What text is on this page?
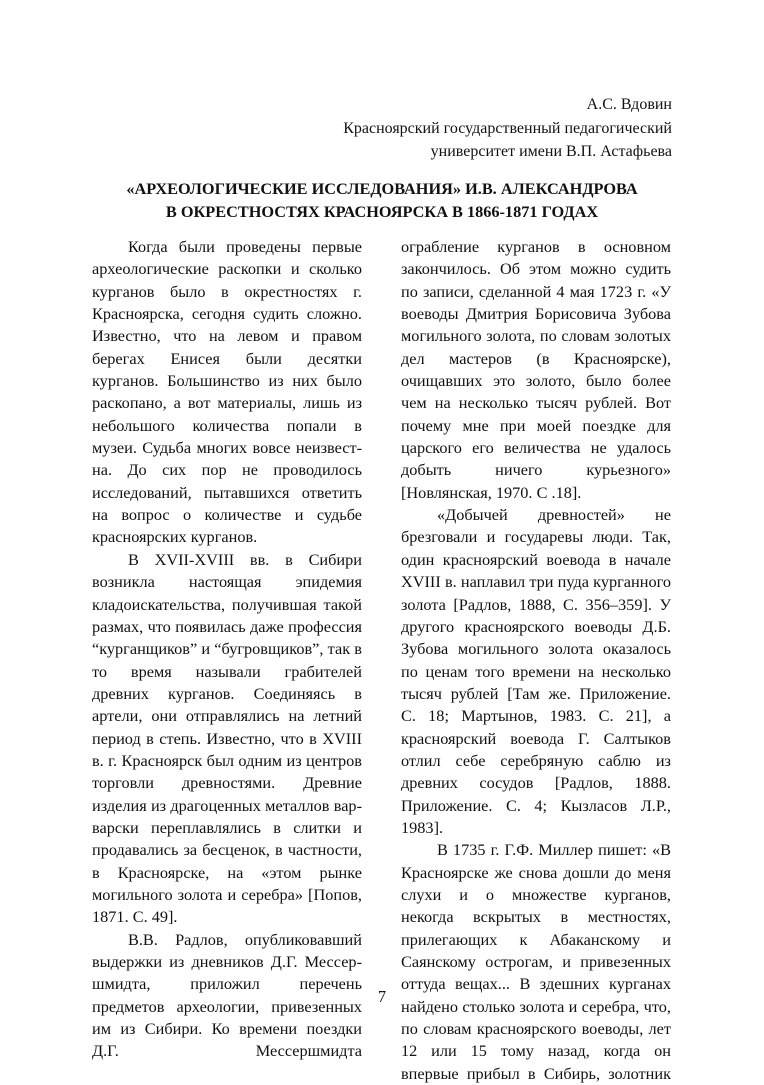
А.С. Вдовин
Красноярский государственный педагогический
университет имени В.П. Астафьева
«АРХЕОЛОГИЧЕСКИЕ ИССЛЕДОВАНИЯ» И.В. АЛЕКСАНДРОВА
В ОКРЕСТНОСТЯХ КРАСНОЯРСКА В 1866-1871 ГОДАХ

Когда были проведены первые археологические раскопки и сколько курганов было в окрестностях г. Красноярска, сегодня судить сложно. Известно, что на левом и правом берегах Енисея были десятки курганов. Большинство из них было раскопано, а вот материалы, лишь из небольшого количества попали в музеи. Судьба многих вовсе неизвестна. До сих пор не проводилось исследований, пытавшихся ответить на вопрос о количестве и судьбе красноярских курганов.

В XVII-XVIII вв. в Сибири возникла настоящая эпидемия кладоискательства, получившая такой размах, что появилась даже профессия “курганщиков” и “бугровщиков”, так в то время называли грабителей древних курганов. Соединяясь в артели, они отправлялись на летний период в степь. Известно, что в XVIII в. г. Красноярск был одним из центров торговли древностями. Древние изделия из драгоценных металлов варварски переплавлялись в слитки и продавались за бесценок, в частности, в Красноярске, на «этом рынке могильного золота и серебра» [Попов, 1871. С. 49].

В.В. Радлов, опубликовавший выдержки из дневников Д.Г. Мессершмидта, приложил перечень предметов археологии, привезенных им из Сибири. Ко времени поездки Д.Г. Мессершмидта

ограбление курганов в основном закончилось. Об этом можно судить по записи, сделанной 4 мая 1723 г. «У воеводы Дмитрия Борисовича Зубова могильного золота, по словам золотых дел мастеров (в Красноярске), очищавших это золото, было более чем на несколько тысяч рублей. Вот почему мне при моей поездке для царского его величества не удалось добыть ничего курьезного» [Новлянская, 1970. С .18].

«Добычей древностей» не брезговали и государевы люди. Так, один красноярский воевода в начале XVIII в. наплавил три пуда курганного золота [Радлов, 1888, С. 356–359]. У другого красноярского воеводы Д.Б. Зубова могильного золота оказалось по ценам того времени на несколько тысяч рублей [Там же. Приложение. С. 18; Мартынов, 1983. С. 21], а красноярский воевода Г. Салтыков отлил себе серебряную саблю из древних сосудов [Радлов, 1888. Приложение. С. 4; Кызласов Л.Р., 1983].

В 1735 г. Г.Ф. Миллер пишет: «В Красноярске же снова дошли до меня слухи и о множестве курганов, некогда вскрытых в местностях, прилегающих к Абаканскому и Саянскому острогам, и привезенных оттуда вещах... В здешних курганах найдено столько золота и серебра, что, по словам красноярского воеводы, лет 12 или 15 тому назад, когда он впервые прибыл в Сибирь, золотник

7
